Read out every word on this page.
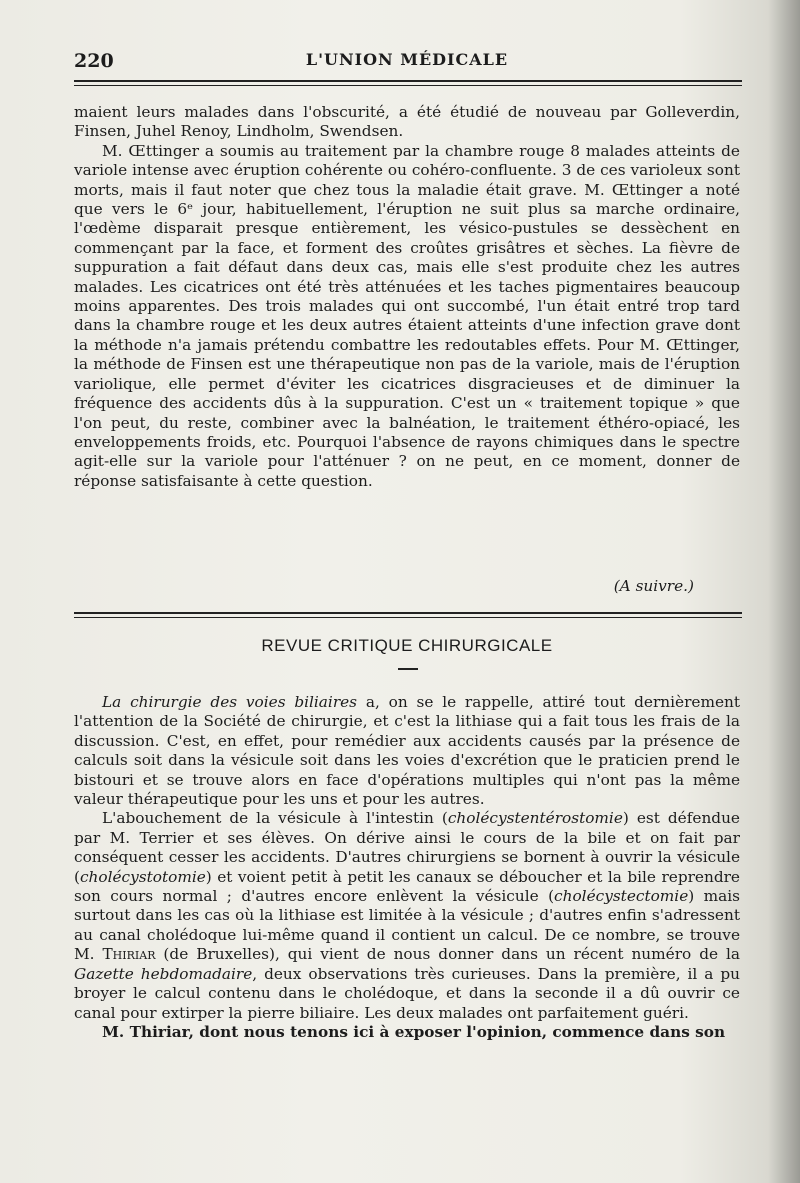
220	L'UNION MÉDICALE

maient leurs malades dans l'obscurité, a été étudié de nouveau par Golleverdin, Finsen, Juhel Renoy, Lindholm, Swendsen.

M. Œttinger a soumis au traitement par la chambre rouge 8 malades atteints de variole intense avec éruption cohérente ou cohéro-confluente. 3 de ces varioleux sont morts, mais il faut noter que chez tous la maladie était grave. M. Œttinger a noté que vers le 6ᵉ jour, habituellement, l'éruption ne suit plus sa marche ordinaire, l'œdème disparait presque entièrement, les vésico-pustules se dessèchent en commençant par la face, et forment des croûtes grisâtres et sèches. La fièvre de suppuration a fait défaut dans deux cas, mais elle s'est produite chez les autres malades. Les cicatrices ont été très atténuées et les taches pigmentaires beaucoup moins apparentes. Des trois malades qui ont succombé, l'un était entré trop tard dans la chambre rouge et les deux autres étaient atteints d'une infection grave dont la méthode n'a jamais prétendu combattre les redoutables effets. Pour M. Œttinger, la méthode de Finsen est une thérapeutique non pas de la variole, mais de l'éruption variolique, elle permet d'éviter les cicatrices disgracieuses et de diminuer la fréquence des accidents dûs à la suppuration. C'est un « traitement topique » que l'on peut, du reste, combiner avec la balnéation, le traitement éthéro-opiacé, les enveloppements froids, etc. Pourquoi l'absence de rayons chimiques dans le spectre agit-elle sur la variole pour l'atténuer ? on ne peut, en ce moment, donner de réponse satisfaisante à cette question.

(A suivre.)
REVUE CRITIQUE CHIRURGICALE

La chirurgie des voies biliaires a, on se le rappelle, attiré tout dernièrement l'attention de la Société de chirurgie, et c'est la lithiase qui a fait tous les frais de la discussion. C'est, en effet, pour remédier aux accidents causés par la présence de calculs soit dans la vésicule soit dans les voies d'excrétion que le praticien prend le bistouri et se trouve alors en face d'opérations multiples qui n'ont pas la même valeur thérapeutique pour les uns et pour les autres.

L'abouchement de la vésicule à l'intestin (cholécystentérostomie) est défendue par M. Terrier et ses élèves. On dérive ainsi le cours de la bile et on fait par conséquent cesser les accidents. D'autres chirurgiens se bornent à ouvrir la vésicule (cholécystotomie) et voient petit à petit les canaux se déboucher et la bile reprendre son cours normal ; d'autres encore enlèvent la vésicule (cholécystectomie) mais surtout dans les cas où la lithiase est limitée à la vésicule ; d'autres enfin s'adressent au canal cholédoque lui-même quand il contient un calcul. De ce nombre, se trouve M. Thiriar (de Bruxelles), qui vient de nous donner dans un récent numéro de la Gazette hebdomadaire, deux observations très curieuses. Dans la première, il a pu broyer le calcul contenu dans le cholédoque, et dans la seconde il a dû ouvrir ce canal pour extirper la pierre biliaire. Les deux malades ont parfaitement guéri.

M. Thiriar, dont nous tenons ici à exposer l'opinion, commence dans son
